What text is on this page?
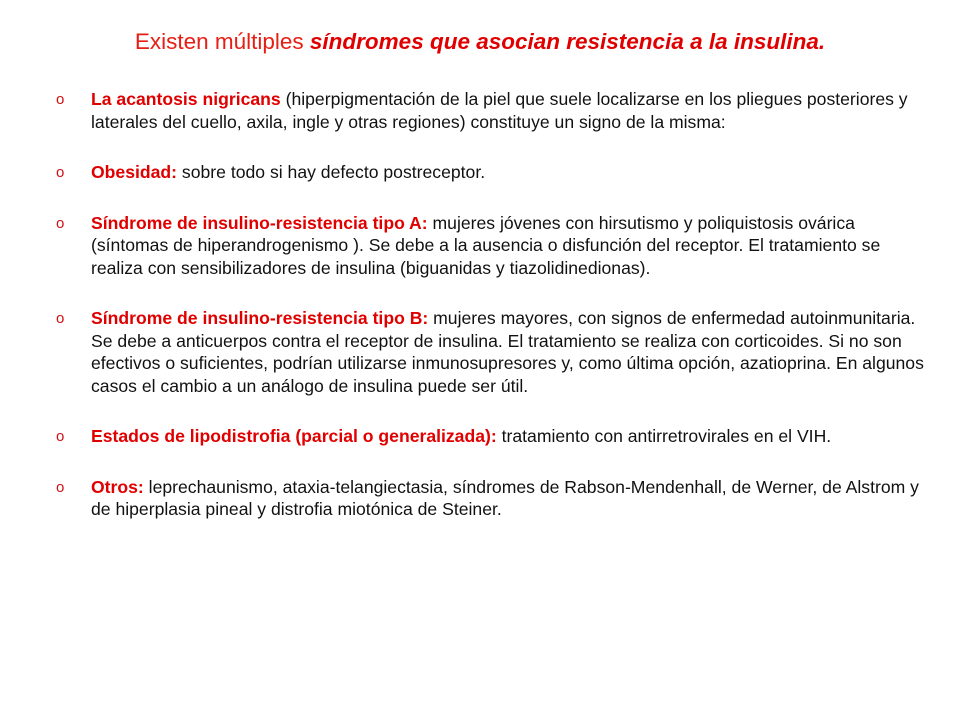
Existen múltiples síndromes que asocian resistencia a la insulina.
o La acantosis nigricans (hiperpigmentación de la piel que suele localizarse en los pliegues posteriores y laterales del cuello, axila, ingle y otras regiones) constituye un signo de la misma:
o Obesidad: sobre todo si hay defecto postreceptor.
o Síndrome de insulino-resistencia tipo A: mujeres jóvenes con hirsutismo y poliquistosis ovárica (síntomas de hiperandrogenismo ). Se debe a la ausencia o disfunción del receptor. El tratamiento se realiza con sensibilizadores de insulina (biguanidas y tiazolidinedionas).
o Síndrome de insulino-resistencia tipo B: mujeres mayores, con signos de enfermedad autoinmunitaria. Se debe a anticuerpos contra el receptor de insulina. El tratamiento se realiza con corticoides. Si no son efectivos o suficientes, podrían utilizarse inmunosupresores y, como última opción, azatioprina. En algunos casos el cambio a un análogo de insulina puede ser útil.
o Estados de lipodistrofia (parcial o generalizada): tratamiento con antirretrovirales en el VIH.
o Otros: leprechaunismo, ataxia-telangiectasia, síndromes de Rabson-Mendenhall, de Werner, de Alstrom y de hiperplasia pineal y distrofia miotónica de Steiner.
